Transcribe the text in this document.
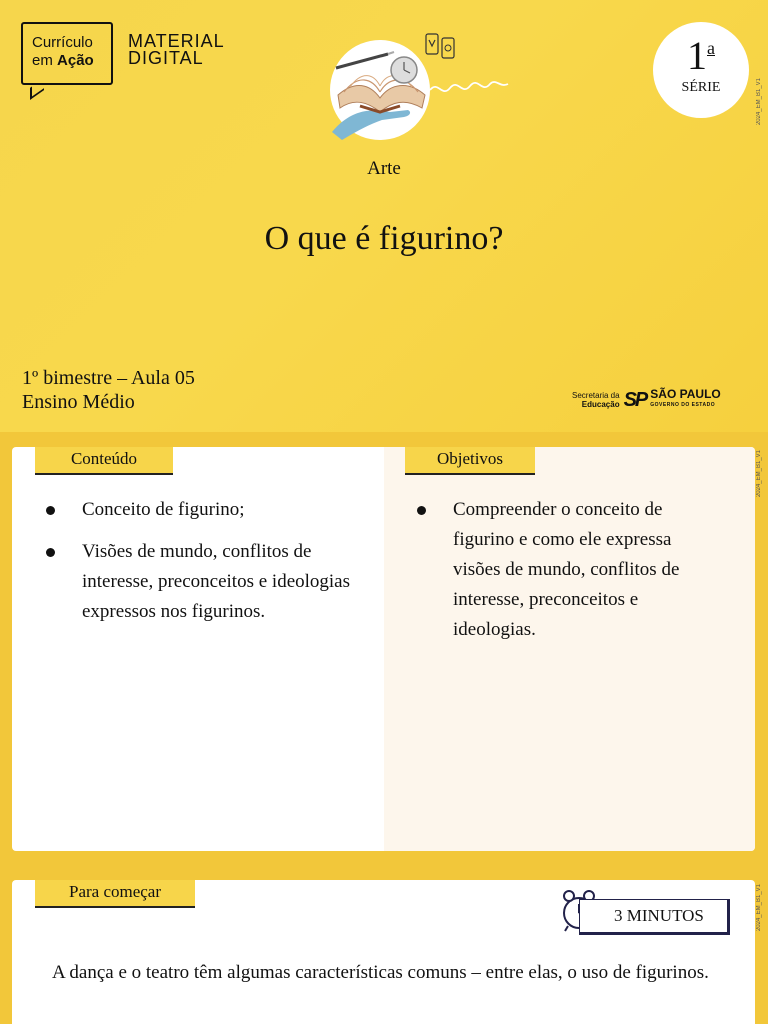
Currículo
em Ação
MATERIAL
DIGITAL	1$^a$
SÉRIE	2024_EM_B1_V1
Arte
O que é figurino?
1º bimestre – Aula 05
Ensino Médio	Secretaria da
Educação SP SÃO PAULO
GOVERNO DO ESTADO
Conteúdo	Objetivos
Conceito de figurino;
Visões de mundo, conflitos de interesse, preconceitos e ideologias expressos nos figurinos.
Compreender o conceito de figurino e como ele expressa visões de mundo, conflitos de interesse, preconceitos e ideologias.
2024_EM_B1_V1
Para começar
3 MINUTOS

A dança e o teatro têm algumas características comuns – entre elas, o uso de figurinos.

2024_EM_B1_V1
